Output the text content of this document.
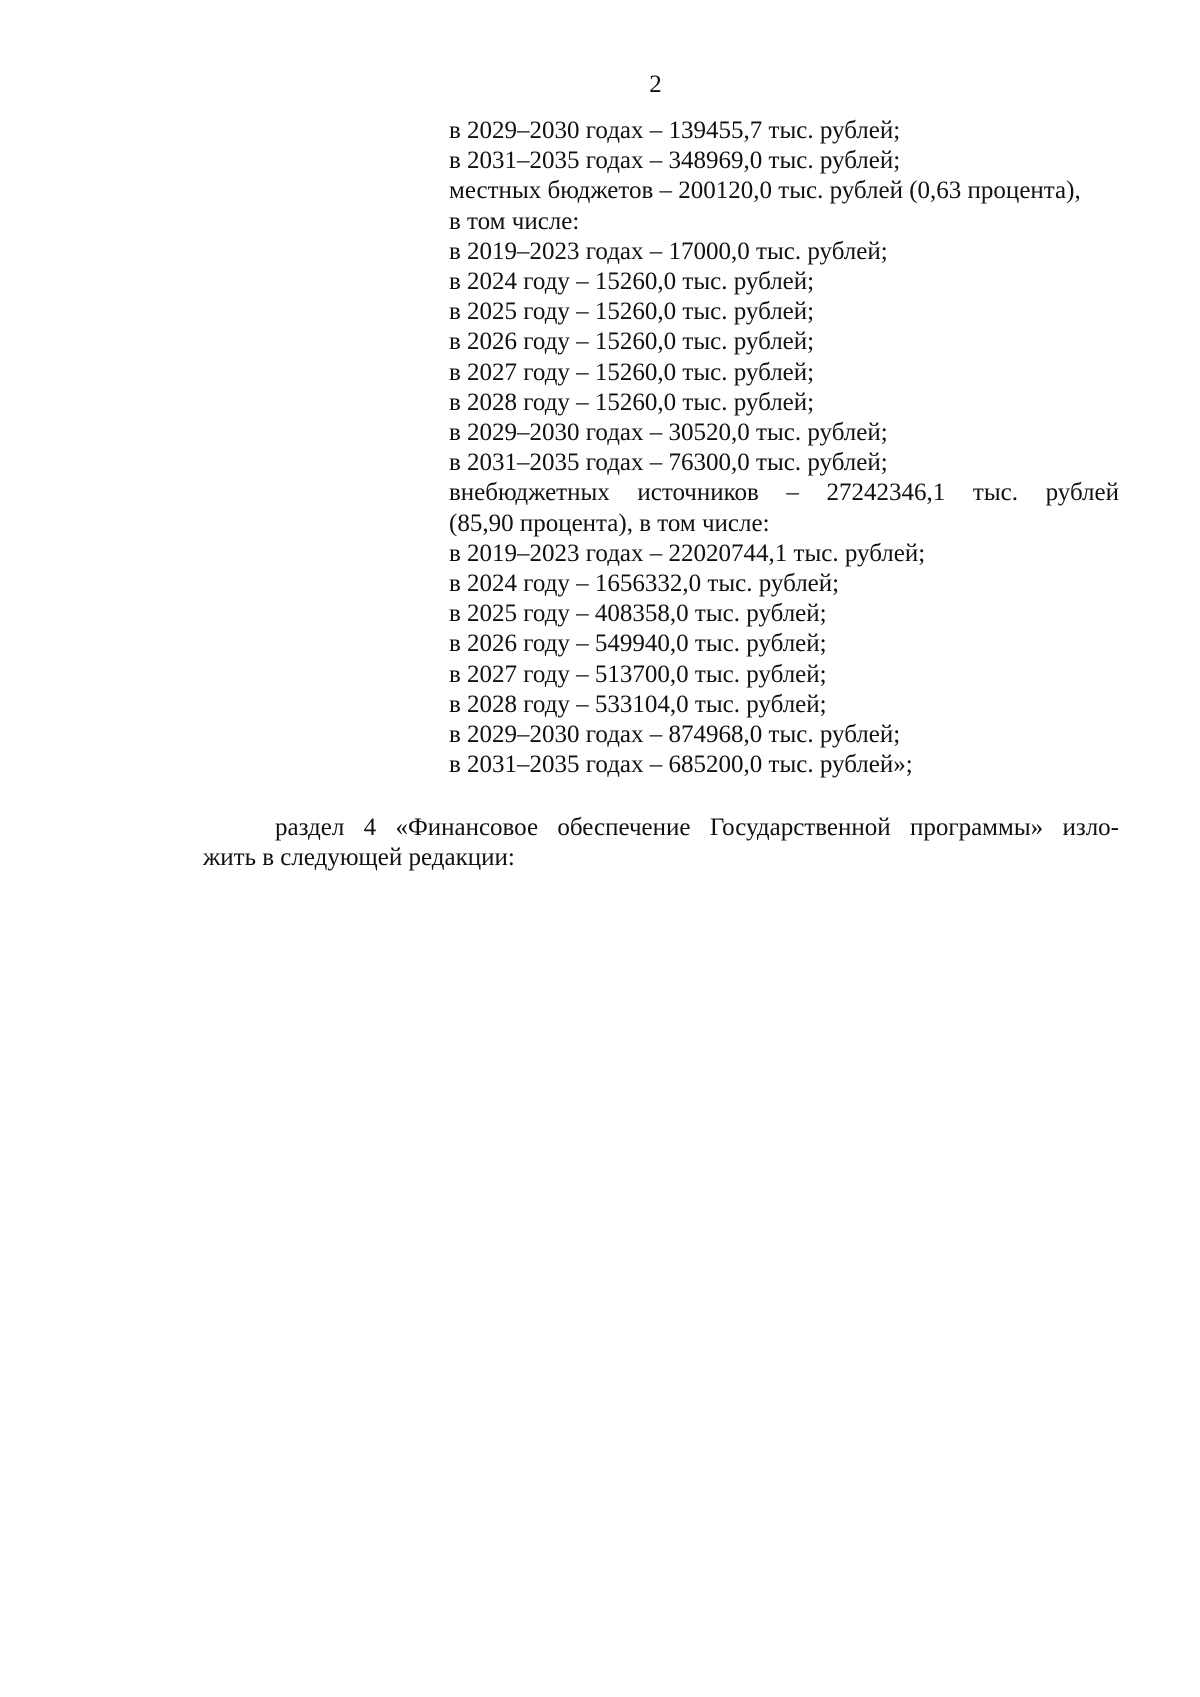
2
в 2029–2030 годах – 139455,7 тыс. рублей;
в 2031–2035 годах – 348969,0 тыс. рублей;
местных бюджетов – 200120,0 тыс. рублей (0,63 процента),
в том числе:
в 2019–2023 годах – 17000,0 тыс. рублей;
в 2024 году – 15260,0 тыс. рублей;
в 2025 году – 15260,0 тыс. рублей;
в 2026 году – 15260,0 тыс. рублей;
в 2027 году – 15260,0 тыс. рублей;
в 2028 году – 15260,0 тыс. рублей;
в 2029–2030 годах – 30520,0 тыс. рублей;
в 2031–2035 годах – 76300,0 тыс. рублей;
внебюджетных источников – 27242346,1 тыс. рублей
(85,90 процента), в том числе:
в 2019–2023 годах – 22020744,1 тыс. рублей;
в 2024 году – 1656332,0 тыс. рублей;
в 2025 году – 408358,0 тыс. рублей;
в 2026 году – 549940,0 тыс. рублей;
в 2027 году – 513700,0 тыс. рублей;
в 2028 году – 533104,0 тыс. рублей;
в 2029–2030 годах – 874968,0 тыс. рублей;
в 2031–2035 годах – 685200,0 тыс. рублей»;
раздел 4 «Финансовое обеспечение Государственной программы» изло-
жить в следующей редакции:
